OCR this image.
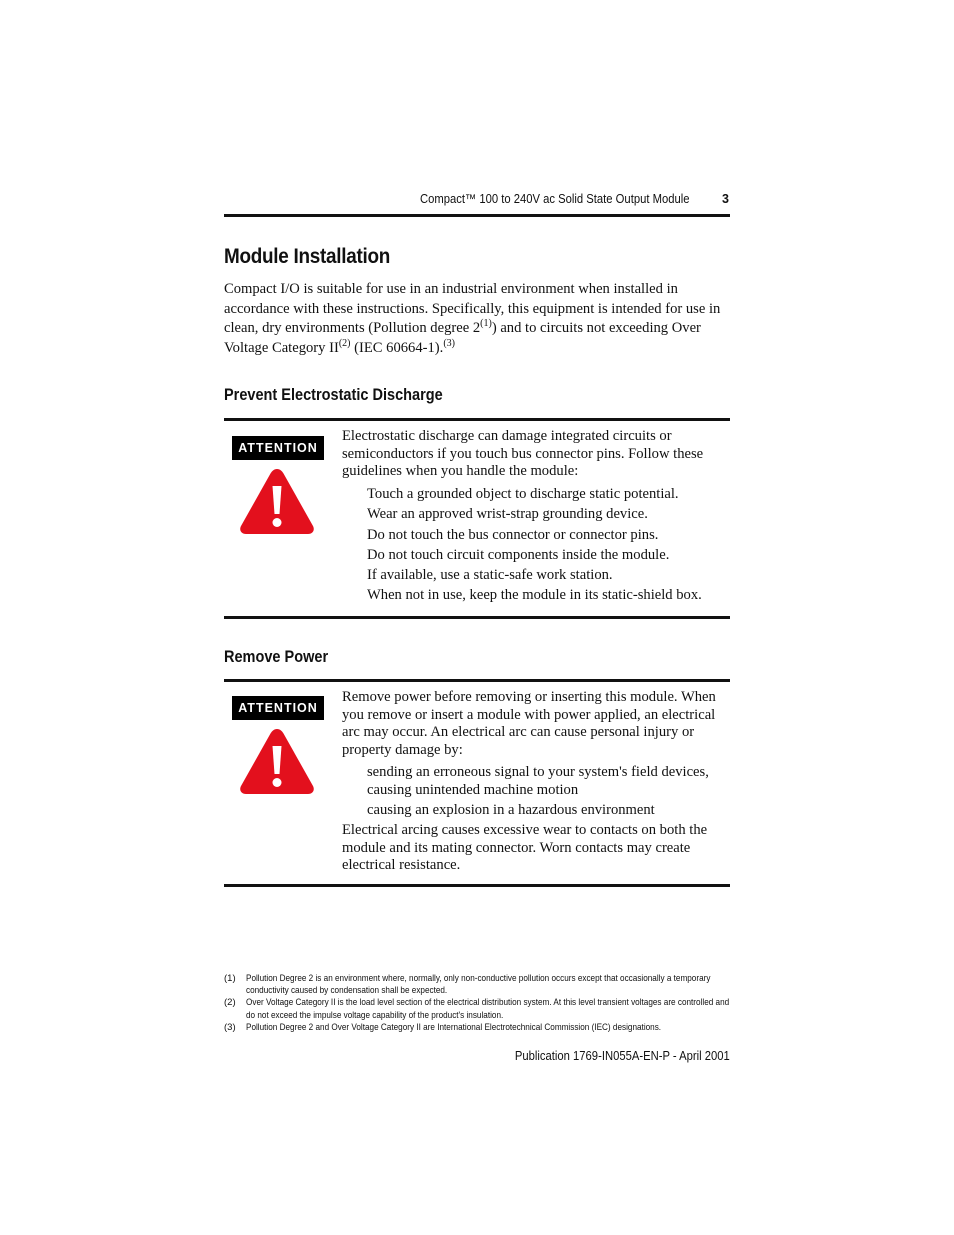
Compact™ 100 to 240V ac Solid State Output Module	3
Module Installation

Compact I/O is suitable for use in an industrial environment when installed in accordance with these instructions. Specifically, this equipment is intended for use in clean, dry environments (Pollution degree 2$^{(1)}$) and to circuits not exceeding Over Voltage Category II$^{(2)}$ (IEC 60664-1).$^{(3)}$

Prevent Electrostatic Discharge
ATTENTION

Electrostatic discharge can damage integrated circuits or semiconductors if you touch bus connector pins. Follow these guidelines when you handle the module:

Touch a grounded object to discharge static potential.
Wear an approved wrist-strap grounding device.
Do not touch the bus connector or connector pins.
Do not touch circuit components inside the module.
If available, use a static-safe work station.
When not in use, keep the module in its static-shield box.
Remove Power
ATTENTION

Remove power before removing or inserting this module. When you remove or insert a module with power applied, an electrical arc may occur. An electrical arc can cause personal injury or property damage by:

sending an erroneous signal to your system's field devices, causing unintended machine motion

causing an explosion in a hazardous environment

Electrical arcing causes excessive wear to contacts on both the module and its mating connector. Worn contacts may create electrical resistance.

(1) Pollution Degree 2 is an environment where, normally, only non-conductive pollution occurs except that occasionally a temporary conductivity caused by condensation shall be expected.

(2) Over Voltage Category II is the load level section of the electrical distribution system. At this level transient voltages are controlled and do not exceed the impulse voltage capability of the product's insulation.

(3) Pollution Degree 2 and Over Voltage Category II are International Electrotechnical Commission (IEC) designations.

Publication 1769-IN055A-EN-P - April 2001
